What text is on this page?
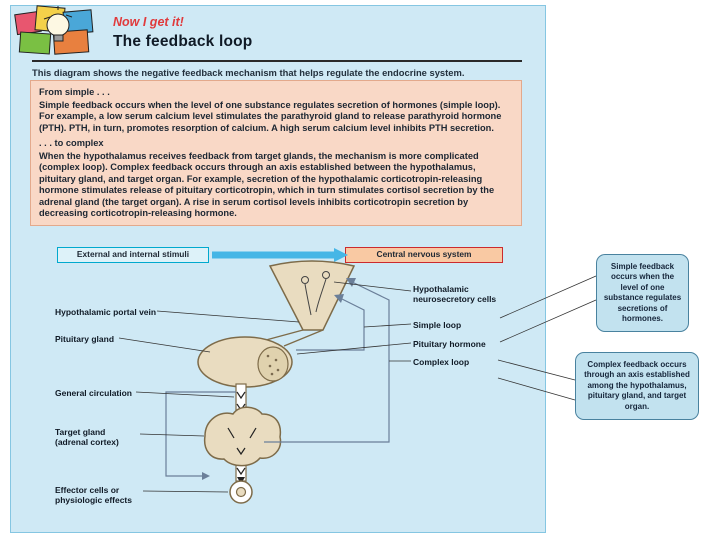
Now I get it!
The feedback loop
This diagram shows the negative feedback mechanism that helps regulate the endocrine system.
From simple . . .
Simple feedback occurs when the level of one substance regulates secretion of hormones (simple loop). For example, a low serum calcium level stimulates the parathyroid gland to release parathyroid hormone (PTH). PTH, in turn, promotes resorption of calcium. A high serum calcium level inhibits PTH secretion.
. . . to complex
When the hypothalamus receives feedback from target glands, the mechanism is more complicated (complex loop). Complex feedback occurs through an axis established between the hypothalamus, pituitary gland, and target organ. For example, secretion of the hypothalamic corticotropin-releasing hormone stimulates release of pituitary corticotropin, which in turn stimulates cortisol secretion by the adrenal gland (the target organ). A rise in serum cortisol levels inhibits corticotropin secretion by decreasing corticotropin-releasing hormone.
External and internal stimuli	Central nervous system
Hypothalamic portal vein
Pituitary gland
General circulation
Target gland (adrenal cortex)
Effector cells or physiologic effects
Hypothalamic neurosecretory cells
Simple loop
Pituitary hormone
Complex loop
Simple feedback occurs when the level of one substance regulates secretions of hormones.
Complex feedback occurs through an axis established among the hypothalamus, pituitary gland, and target organ.
